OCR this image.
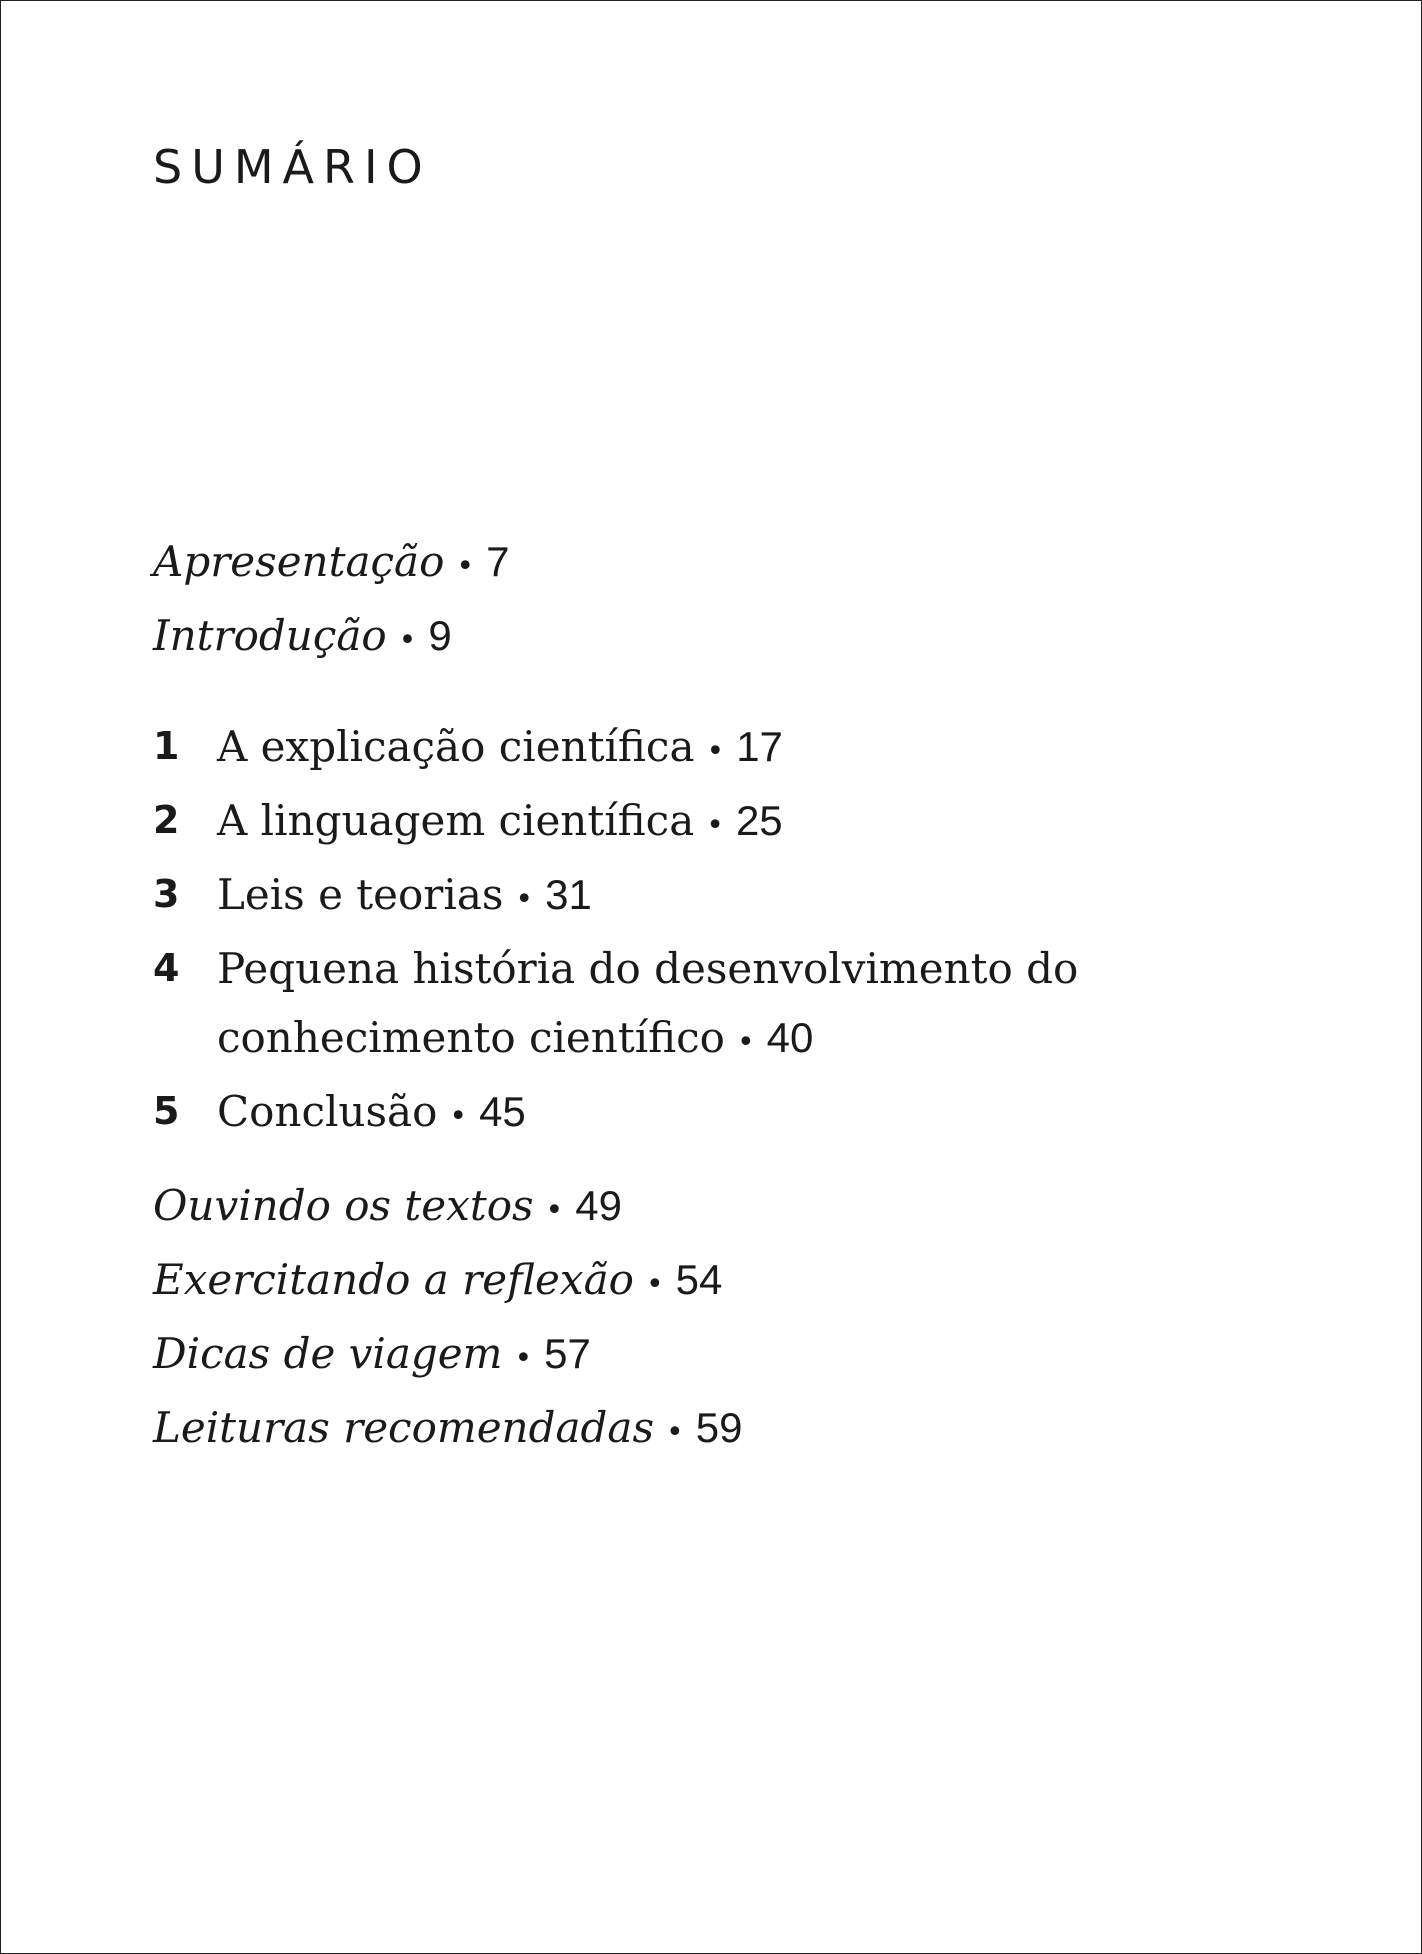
SUMÁRIO
Apresentação • 7
Introdução • 9
1 A explicação científica • 17
2 A linguagem científica • 25
3 Leis e teorias • 31
4 Pequena história do desenvolvimento do
conhecimento científico • 40
5 Conclusão • 45
Ouvindo os textos • 49
Exercitando a reflexão • 54
Dicas de viagem • 57
Leituras recomendadas • 59
